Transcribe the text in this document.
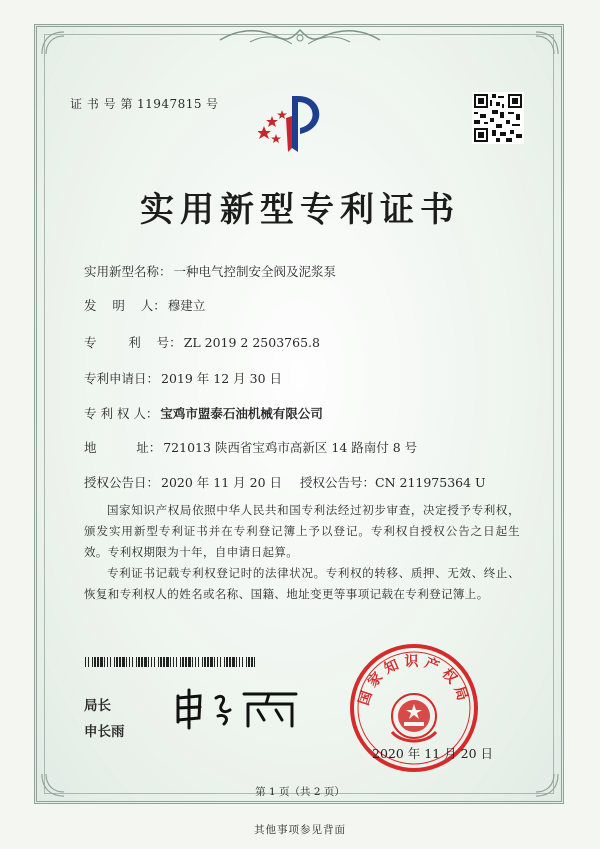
证 书 号 第 11947815 号
实用新型专利证书
实用新型名称： 一种电气控制安全阀及泥浆泵
发    明    人： 穆建立
专        利    号： ZL 2019 2 2503765.8
专利申请日： 2019 年 12 月 30 日
专 利 权 人： 宝鸡市盟泰石油机械有限公司
地          址： 721013 陕西省宝鸡市高新区 14 路南付 8 号
授权公告日： 2020 年 11 月 20 日 授权公告号：CN 211975364 U
国家知识产权局依照中华人民共和国专利法经过初步审查，决定授予专利权，颁发实用新型专利证书并在专利登记簿上予以登记。专利权自授权公告之日起生效。专利权期限为十年，自申请日起算。
专利证书记载专利权登记时的法律状况。专利权的转移、质押、无效、终止、恢复和专利权人的姓名或名称、国籍、地址变更等事项记载在专利登记簿上。
局长
申长雨
国家知识产权局
2020 年 11 月 20 日
第 1 页（共 2 页）
其他事项参见背面
